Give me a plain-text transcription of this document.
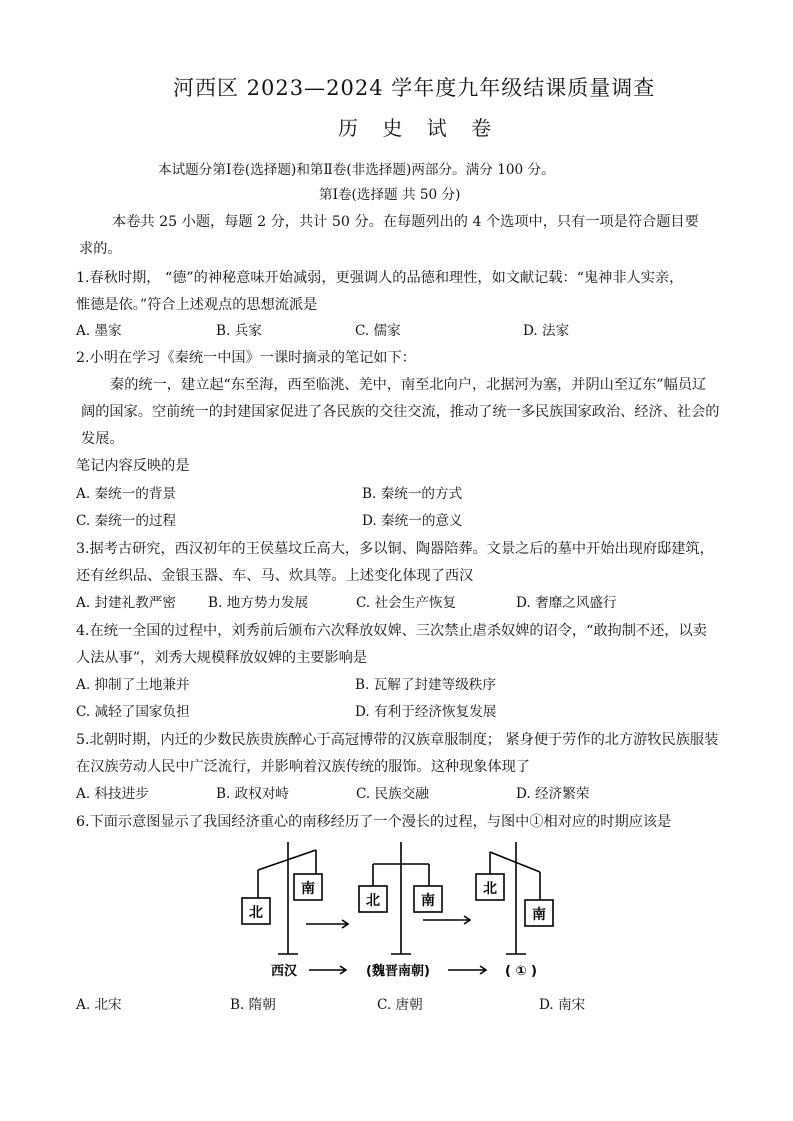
河西区 2023—2024 学年度九年级结课质量调查
历 史 试 卷
本试题分第Ⅰ卷(选择题)和第Ⅱ卷(非选择题)两部分。满分 100 分。
第Ⅰ卷(选择题 共 50 分)
本卷共 25 小题，每题 2 分，共计 50 分。在每题列出的 4 个选项中，只有一项是符合题目要
求的。
1.春秋时期， “德”的神秘意味开始减弱，更强调人的品德和理性，如文献记载：“鬼神非人实亲，
惟德是依。”符合上述观点的思想流派是
A. 墨家	B. 兵家	C. 儒家	D. 法家
2.小明在学习《秦统一中国》一课时摘录的笔记如下：
秦的统一，建立起“东至海，西至临洮、羌中，南至北向户，北据河为塞，并阴山至辽东”幅员辽
阔的国家。空前统一的封建国家促进了各民族的交往交流，推动了统一多民族国家政治、经济、社会的
发展。
笔记内容反映的是
A. 秦统一的背景	B. 秦统一的方式
C. 秦统一的过程	D. 秦统一的意义
3.据考古研究，西汉初年的王侯墓坟丘高大，多以铜、陶器陪葬。文景之后的墓中开始出现府邸建筑，
还有丝织品、金银玉器、车、马、炊具等。上述变化体现了西汉
A. 封建礼教严密 B. 地方势力发展	C. 社会生产恢复	D. 奢靡之风盛行
4.在统一全国的过程中，刘秀前后颁布六次释放奴婢、三次禁止虐杀奴婢的诏令，“敢拘制不还，以卖
人法从事”，刘秀大规模释放奴婢的主要影响是
A. 抑制了土地兼并	B. 瓦解了封建等级秩序
C. 减轻了国家负担	D. 有利于经济恢复发展
5.北朝时期，内迁的少数民族贵族醉心于高冠博带的汉族章服制度； 紧身便于劳作的北方游牧民族服装
在汉族劳动人民中广泛流行，并影响着汉族传统的服饰。这种现象体现了
A. 科技进步	B. 政权对峙	C. 民族交融	D. 经济繁荣
6.下面示意图显示了我国经济重心的南移经历了一个漫长的过程，与图中①相对应的时期应该是
北
南
北	南
北
南
西汉	(魏晋南朝)	( ① )
A. 北宋	B. 隋朝	C. 唐朝	D. 南宋
